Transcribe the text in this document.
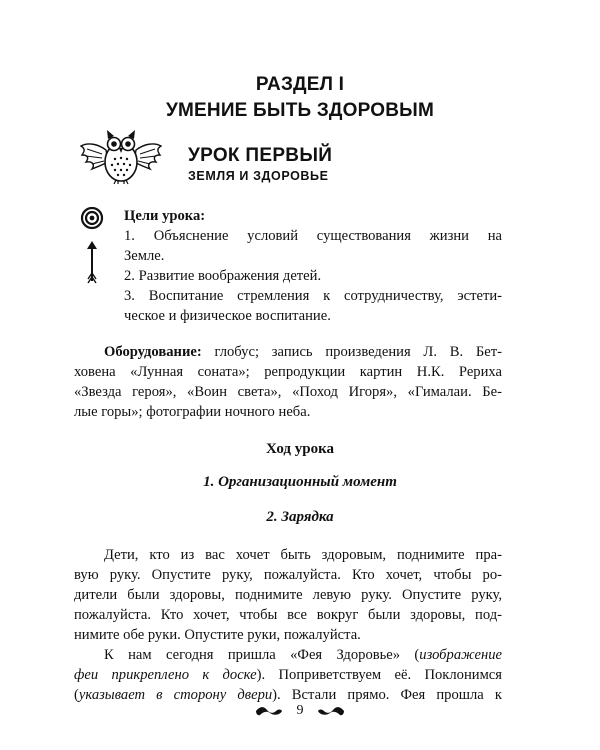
РАЗДЕЛ I
УМЕНИЕ БЫТЬ ЗДОРОВЫМ
УРОК ПЕРВЫЙ
ЗЕМЛЯ И ЗДОРОВЬЕ
Цели урока:
1. Объяснение условий существования жизни на
Земле.
2. Развитие воображения детей.
3. Воспитание стремления к сотрудничеству, эстети-
ческое и физическое воспитание.
Оборудование: глобус; запись произведения Л. В. Бет-
ховена «Лунная соната»; репродукции картин Н.К. Рериха
«Звезда героя», «Воин света», «Поход Игоря», «Гималаи. Бе-
лые горы»; фотографии ночного неба.
Ход урока
1. Организационный момент
2. Зарядка
Дети, кто из вас хочет быть здоровым, поднимите пра-
вую руку. Опустите руку, пожалуйста. Кто хочет, чтобы ро-
дители были здоровы, поднимите левую руку. Опустите руку,
пожалуйста. Кто хочет, чтобы все вокруг были здоровы, под-
нимите обе руки. Опустите руки, пожалуйста.
К нам сегодня пришла «Фея Здоровье» (изображение
феи прикреплено к доске). Поприветствуем её. Поклонимся
(указывает в сторону двери). Встали прямо. Фея прошла к
9
